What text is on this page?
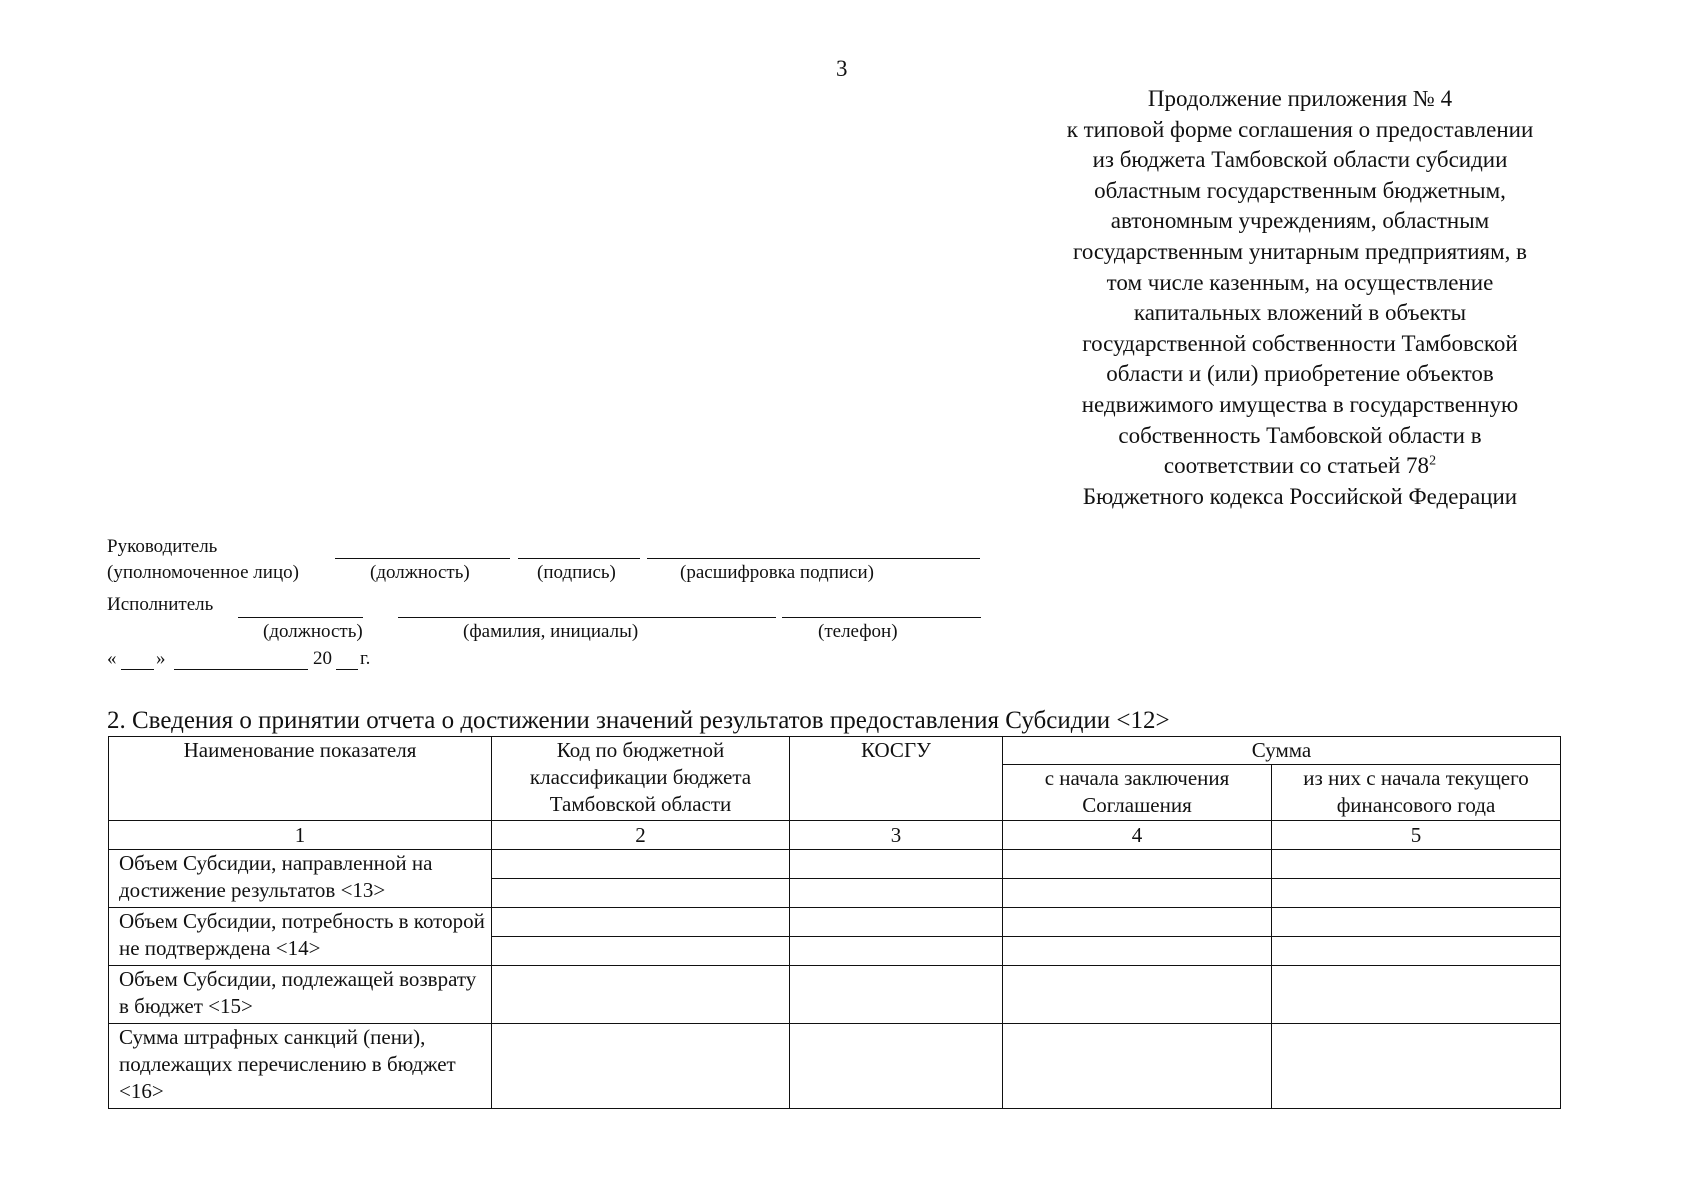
3
Продолжение приложения № 4
к типовой форме соглашения о предоставлении
из бюджета Тамбовской области субсидии
областным государственным бюджетным,
автономным учреждениям, областным
государственным унитарным предприятиям, в
том числе казенным, на осуществление
капитальных вложений в объекты
государственной собственности Тамбовской
области и (или) приобретение объектов
недвижимого имущества в государственную
собственность Тамбовской области в
соответствии со статьей $78^2$
Бюджетного кодекса Российской Федерации
Руководитель
(уполномоченное лицо)	(должность)	(подпись)	(расшифровка подписи)
Исполнитель
(должность)	(фамилия, инициалы)	(телефон)
« »	20 г.
2. Сведения о принятии отчета о достижении значений результатов предоставления Субсидии <12>
Наименование показателя	Код по бюджетной классификации бюджета Тамбовской области	КОСГУ	Сумма	
			с начала заключения Соглашения	из них с начала текущего финансового года
1	2	3	4	5
Объем Субсидии, направленной на достижение результатов <13>				

Объем Субсидии, потребность в которой не подтверждена <14>				

Объем Субсидии, подлежащей возврату в бюджет <15>				
Сумма штрафных санкций (пени), подлежащих перечислению в бюджет <16>				
